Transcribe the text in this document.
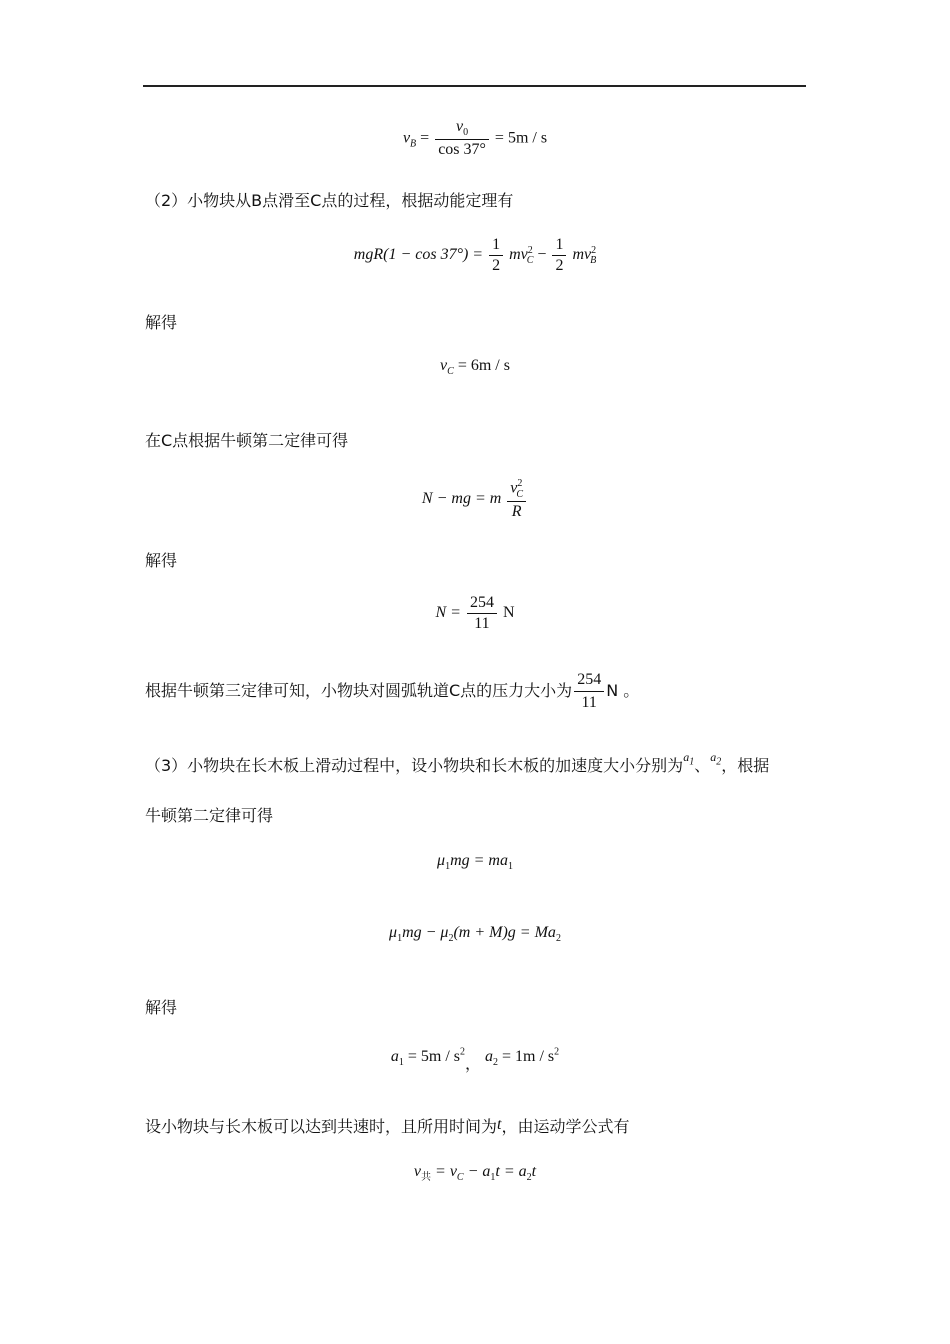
$v_B = \frac{v_0}{\cos 37^\circ} = 5m / s$
（2）小物块从B点滑至C点的过程，根据动能定理有
$mgR(1 - \cos 37^\circ) = \frac{1}{2} mv^2_C - \frac{1}{2} mv^2_B$
解得
$v_C = 6m / s$
在C点根据牛顿第二定律可得
N − mg = m $\frac{v^2_C}{R}$
解得
$N = \frac{254}{11}$ N
根据牛顿第三定律可知，小物块对圆弧轨道C点的压力大小为 $\frac{254}{11}$ N 。
（3）小物块在长木板上滑动过程中，设小物块和长木板的加速度大小分别为$^{a_1}$、$^{a_2}$，根据
牛顿第二定律可得
$\mu_1mg = ma_1$
$\mu_1mg - \mu_2(m + M)g = Ma_2$
解得
$a_1 = 5m / s^2$， $a_2 = 1m / s^2$
设小物块与长木板可以达到共速时，且所用时间为t，由运动学公式有
$v_共 = v_C - a_1t = a_2t$
